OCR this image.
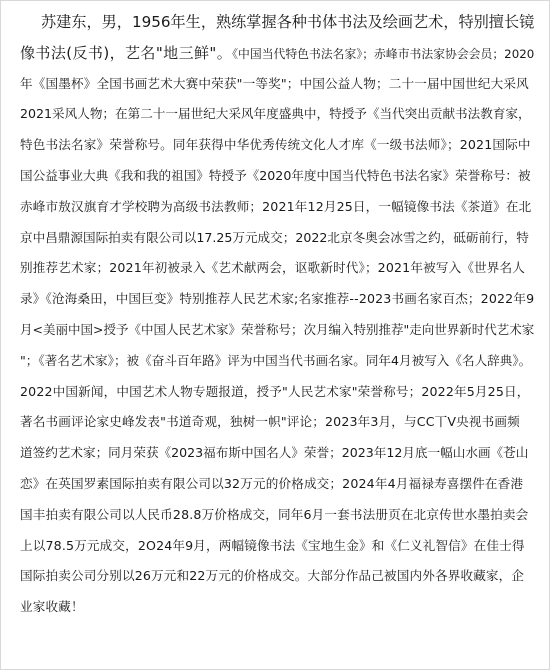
苏建东，男，1956年生，熟练掌握各种书体书法及绘画艺术，特别擅长镜
像书法(反书)，艺名"地三鲜"。《中国当代特色书法名家》；赤峰市书法家协会会员；2020
年《国墨杯》全国书画艺术大赛中荣获"一等奖"；中国公益人物；二十一届中国世纪大采风
2021采风人物；在第二十一届世纪大采风年度盛典中，特授予《当代突出贡献书法教育家，
特色书法名家》荣誉称号。同年获得中华优秀传统文化人才库《一级书法师》；2021国际中
国公益事业大典《我和我的祖国》特授予《2020年度中国当代特色书法名家》荣誉称号：被
赤峰市敖汉旗育才学校聘为高级书法教师；2021年12月25日，一幅镜像书法《茶道》在北
京中昌鼎源国际拍卖有限公司以17.25万元成交；2022北京冬奥会冰雪之约，砥砺前行，特
别推荐艺术家；2021年初被录入《艺术献两会，讴歌新时代》；2021年被写入《世界名人
录》《沧海桑田，中国巨变》特别推荐人民艺术家;名家推荐--2023书画名家百杰；2022年9
月<美丽中国>授予《中国人民艺术家》荣誉称号；次月编入特别推荐"走向世界新时代艺术家
"；《著名艺术家》；被《奋斗百年路》评为中国当代书画名家。同年4月被写入《名人辞典》。
2022中国新闻，中国艺术人物专题报道，授予"人民艺术家"荣誉称号；2022年5月25日，
著名书画评论家史峰发表"书道奇观，独树一帜"评论；2023年3月，与CC丅V央视书画频
道签约艺术家；同月荣获《2023福布斯中国名人》荣誉；2023年12月底一幅山水画《苍山
恋》在英国罗素国际拍卖有限公司以32万元的价格成交；2024年4月福禄寿喜摆件在香港
国丰拍卖有限公司以人民币28.8万价格成交，同年6月一套书法册页在北京传世水墨拍卖会
上以78.5万元成交，2O24年9月，两幅镜像书法《宝地生金》和《仁义礼智信》在佳士得
国际拍卖公司分别以26万元和22万元的价格成交。大部分作品己被国内外各界收藏家，企
业家收藏！
